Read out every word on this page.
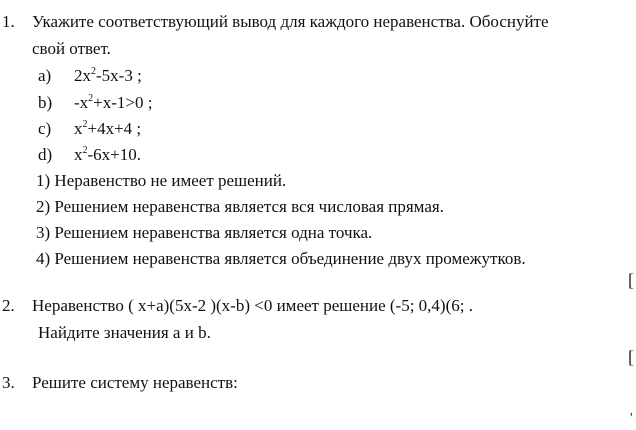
1. Укажите соответствующий вывод для каждого неравенства. Обоснуйте
свой ответ.
a) $2x^2-5x-3$ ;
b) $-x^2+x-1>0$ ;
c) $x^2+4x+4$ ;
d) $x^2-6x+10$.
1) Неравенство не имеет решений.
2) Решением неравенства является вся числовая прямая.
3) Решением неравенства является одна точка.
4) Решением неравенства является объединение двух промежутков.
[
2. Неравенство ( x+a)(5x-2 )(x-b) <0 имеет решение (-5; 0,4)(6; .
Найдите значения а и b.
[
3. Решите систему неравенств:
'
